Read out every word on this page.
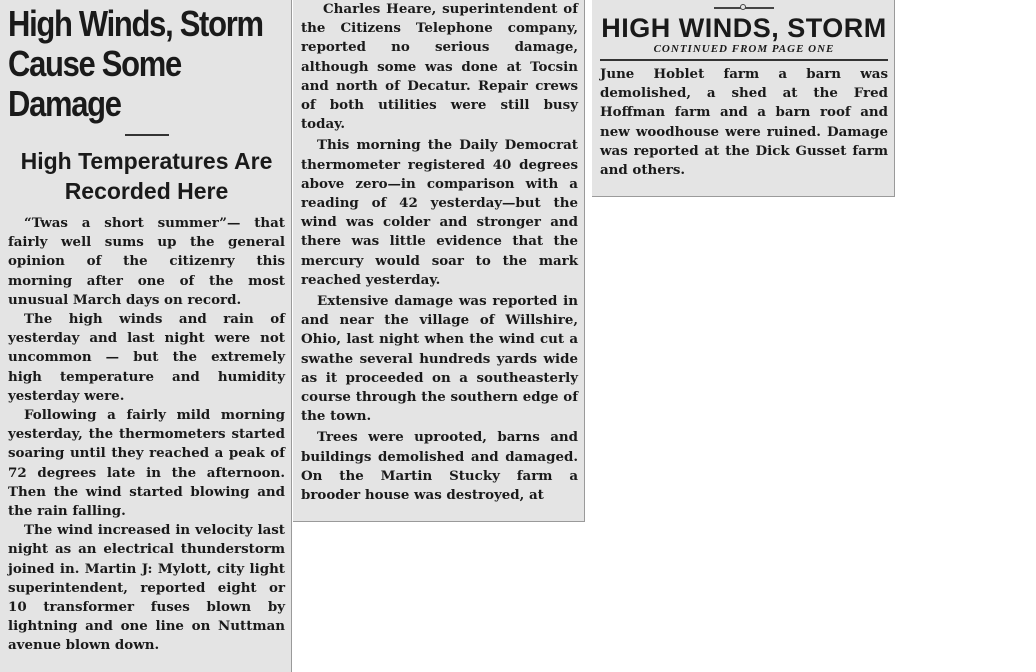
High Winds, Storm Cause Some Damage
High Temperatures Are Recorded Here

“Twas a short summer”— that fairly well sums up the general opinion of the citizenry this morning after one of the most unusual March days on record.

The high winds and rain of yesterday and last night were not uncommon — but the extremely high temperature and humidity yesterday were.

Following a fairly mild morning yesterday, the thermometers started soaring until they reached a peak of 72 degrees late in the afternoon. Then the wind started blowing and the rain falling.

The wind increased in velocity last night as an electrical thunderstorm joined in. Martin J: Mylott, city light superintendent, reported eight or 10 transformer fuses blown by lightning and one line on Nuttman avenue blown down.

Charles Heare, superintendent of the Citizens Telephone company, reported no serious damage, although some was done at Tocsin and north of Decatur. Repair crews of both utilities were still busy today.

This morning the Daily Democrat thermometer registered 40 degrees above zero—in comparison with a reading of 42 yesterday—but the wind was colder and stronger and there was little evidence that the mercury would soar to the mark reached yesterday.

Extensive damage was reported in and near the village of Willshire, Ohio, last night when the wind cut a swathe several hundreds yards wide as it proceeded on a southeasterly course through the southern edge of the town.

Trees were uprooted, barns and buildings demolished and damaged. On the Martin Stucky farm a brooder house was destroyed, at

HIGH WINDS, STORM
CONTINUED FROM PAGE ONE

June Hoblet farm a barn was demolished, a shed at the Fred Hoffman farm and a barn roof and new woodhouse were ruined. Damage was reported at the Dick Gusset farm and others.
